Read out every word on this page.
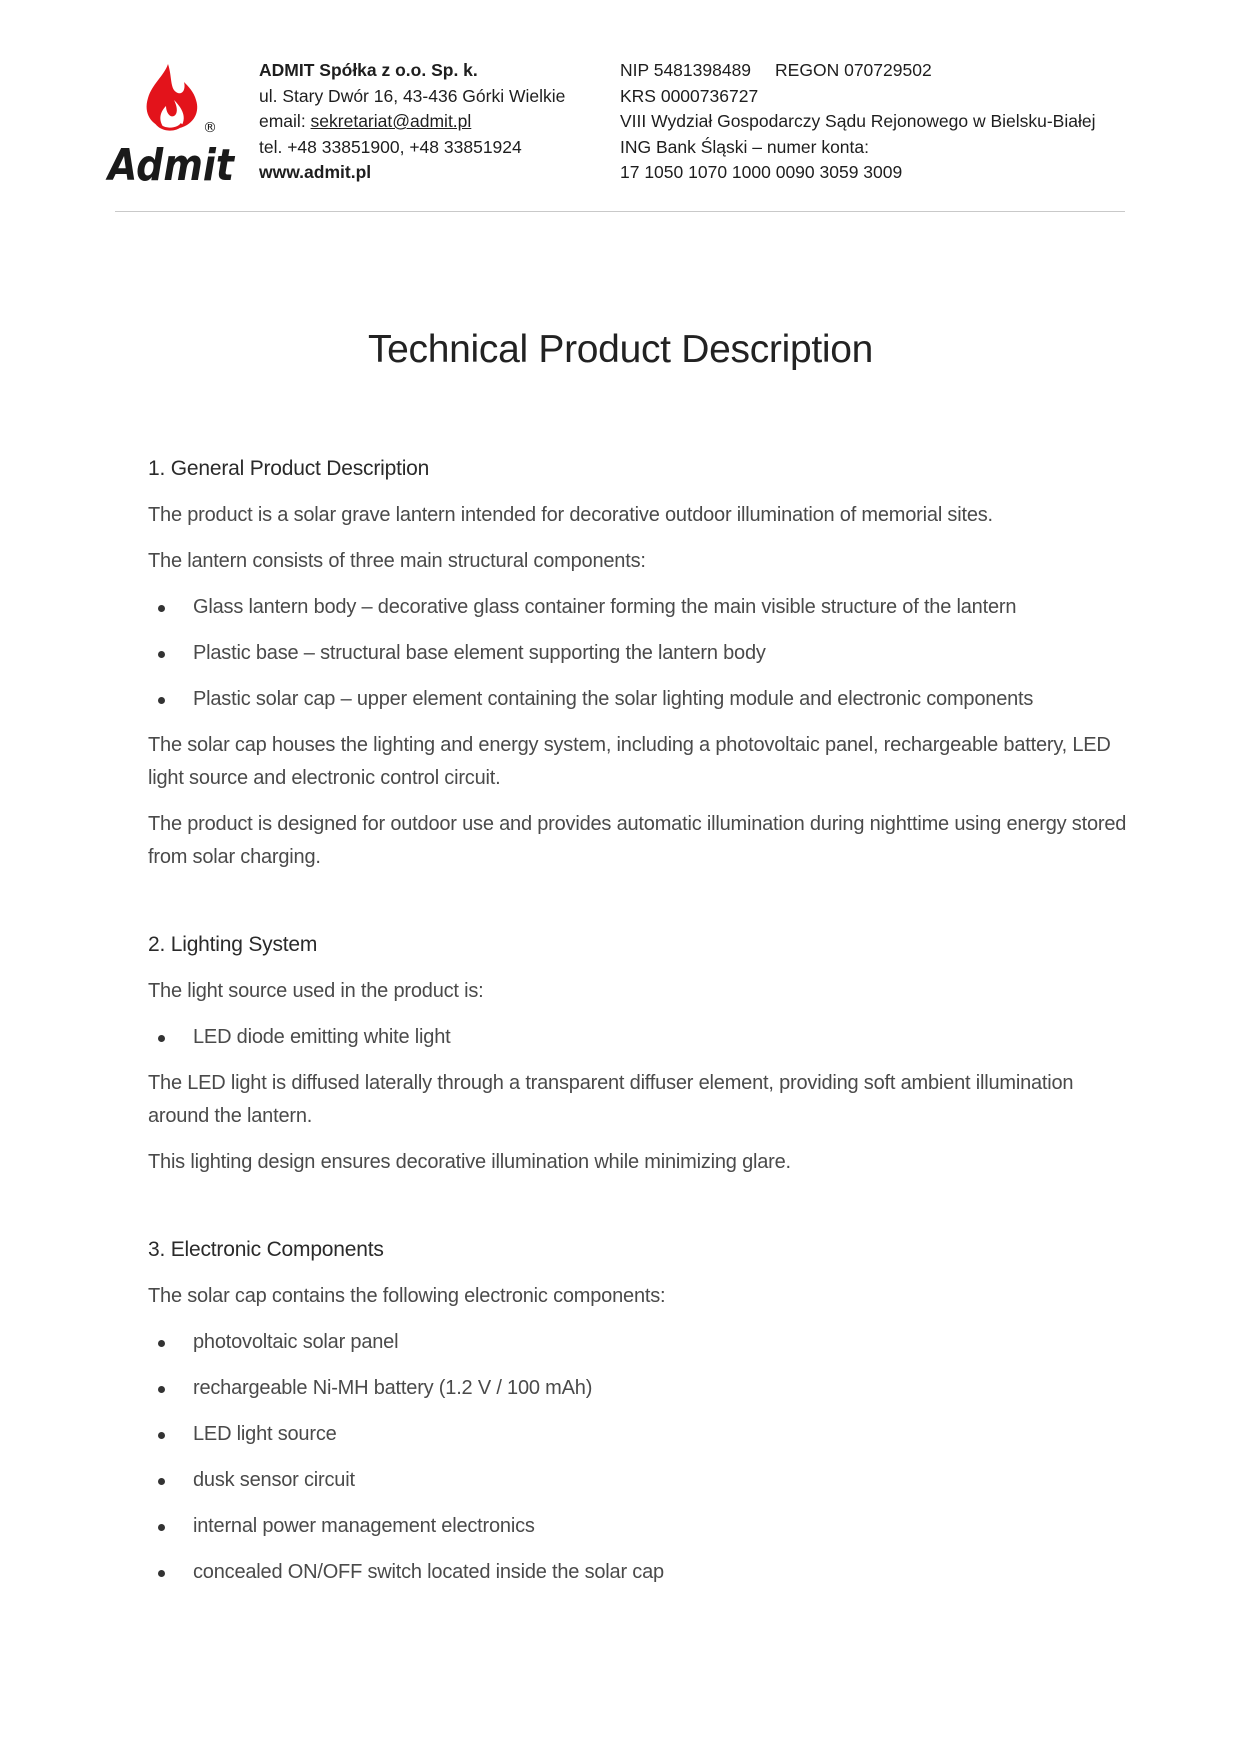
®
Admit
ADMIT Spółka z o.o. Sp. k.
ul. Stary Dwór 16, 43-436 Górki Wielkie
email: sekretariat@admit.pl
tel. +48 33851900, +48 33851924
www.admit.pl
NIP 5481398489 REGON 070729502
KRS 0000736727
VIII Wydział Gospodarczy Sądu Rejonowego w Bielsku-Białej
ING Bank Śląski – numer konta:
17 1050 1070 1000 0090 3059 3009
Technical Product Description
1. General Product Description
The product is a solar grave lantern intended for decorative outdoor illumination of memorial sites.
The lantern consists of three main structural components:
Glass lantern body – decorative glass container forming the main visible structure of the lantern
Plastic base – structural base element supporting the lantern body
Plastic solar cap – upper element containing the solar lighting module and electronic components
The solar cap houses the lighting and energy system, including a photovoltaic panel, rechargeable battery, LED light source and electronic control circuit.
The product is designed for outdoor use and provides automatic illumination during nighttime using energy stored from solar charging.
2. Lighting System
The light source used in the product is:
LED diode emitting white light
The LED light is diffused laterally through a transparent diffuser element, providing soft ambient illumination around the lantern.
This lighting design ensures decorative illumination while minimizing glare.
3. Electronic Components
The solar cap contains the following electronic components:
photovoltaic solar panel
rechargeable Ni-MH battery (1.2 V / 100 mAh)
LED light source
dusk sensor circuit
internal power management electronics
concealed ON/OFF switch located inside the solar cap
